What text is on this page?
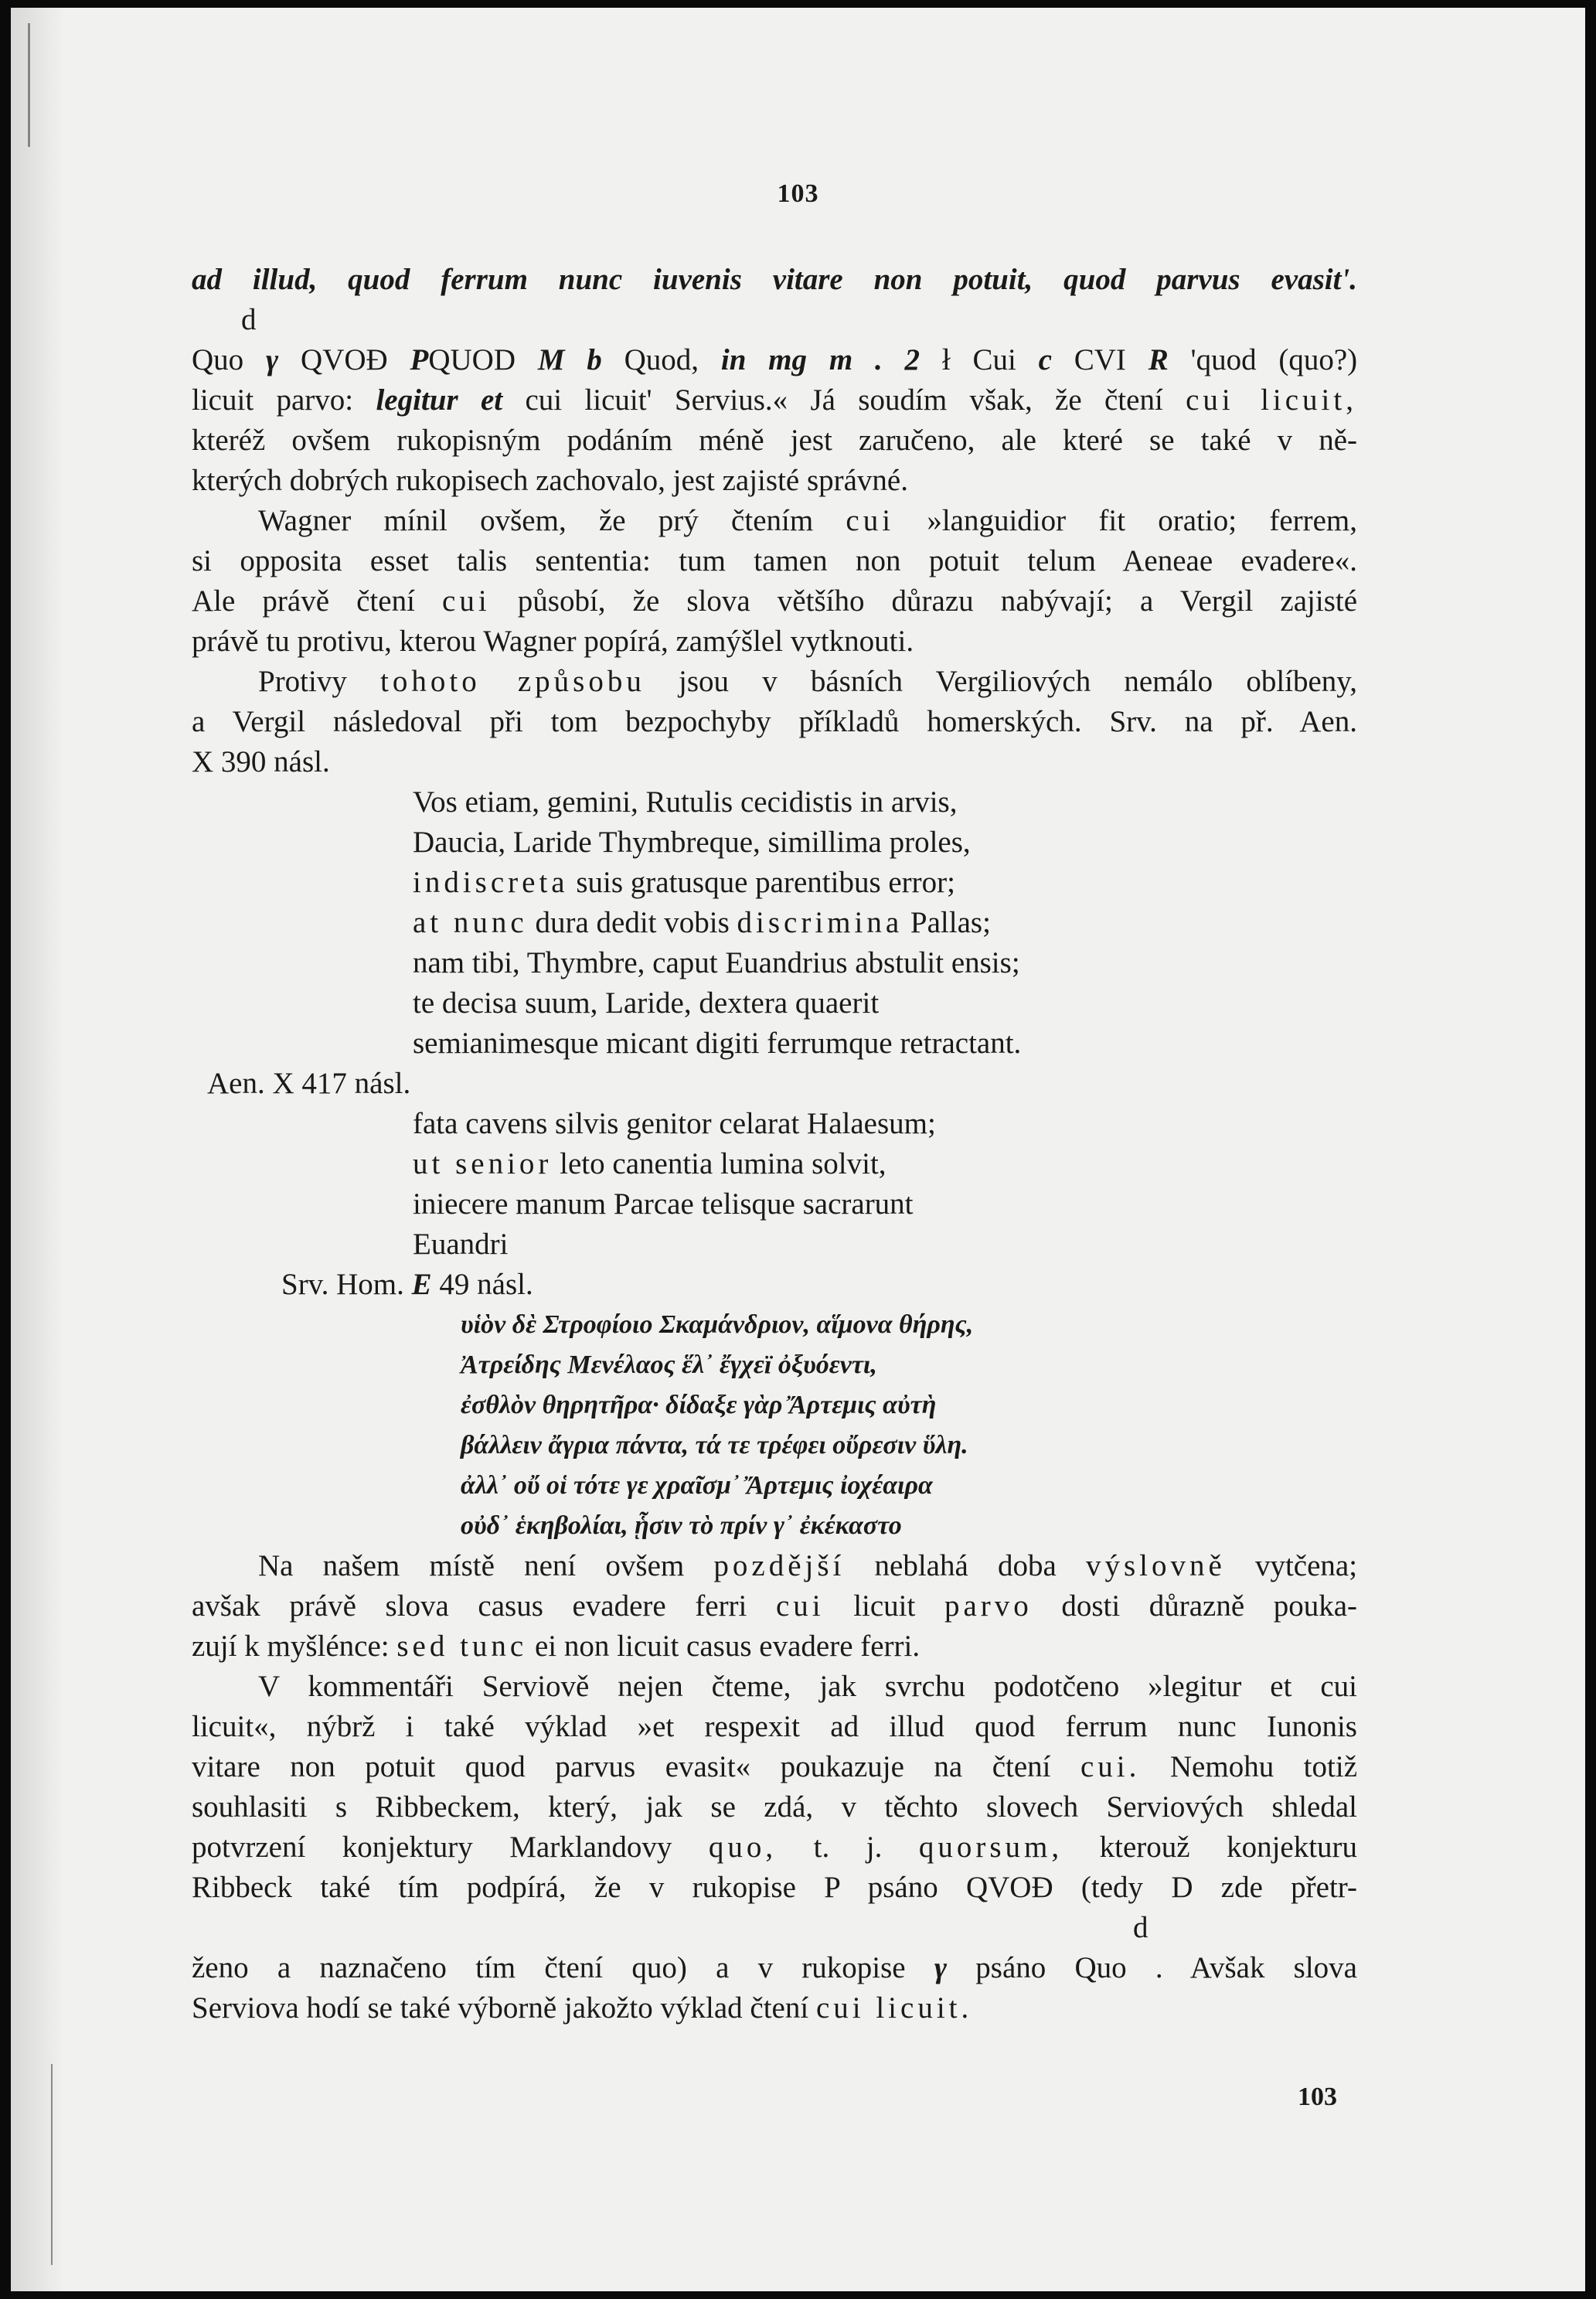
103
ad illud, quod ferrum nunc iuvenis vitare non potuit, quod parvus evasit'.
d
Quo γ QVOÐ PQUOD M b Quod, in mg m . 2 ł Cui c CVI R 'quod (quo?)
licuit parvo: legitur et cui licuit' Servius.« Já soudím však, že čtení cui licuit,
kteréž ovšem rukopisným podáním méně jest zaručeno, ale které se také v ně-
kterých dobrých rukopisech zachovalo, jest zajisté správné.
Wagner mínil ovšem, že prý čtením cui »languidior fit oratio; ferrem,
si opposita esset talis sententia: tum tamen non potuit telum Aeneae evadere«.
Ale právě čtení cui působí, že slova většího důrazu nabývají; a Vergil zajisté
právě tu protivu, kterou Wagner popírá, zamýšlel vytknouti.
Protivy tohoto způsobu jsou v básních Vergiliových nemálo oblíbeny,
a Vergil následoval při tom bezpochyby příkladů homerských. Srv. na př. Aen.
X 390 násl.
Vos etiam, gemini, Rutulis cecidistis in arvis,
Daucia, Laride Thymbreque, simillima proles,
indiscreta suis gratusque parentibus error;
at nunc dura dedit vobis discrimina Pallas;
nam tibi, Thymbre, caput Euandrius abstulit ensis;
te decisa suum, Laride, dextera quaerit
semianimesque micant digiti ferrumque retractant.
Aen. X 417 násl.
fata cavens silvis genitor celarat Halaesum;
ut senior leto canentia lumina solvit,
iniecere manum Parcae telisque sacrarunt
Euandri
Srv. Hom. E 49 násl.
υἱὸν δὲ Στροφίοιο Σκαμάνδριον, αἵμονα θήρης,
Ἀτρείδης Μενέλαος ἕλ᾽ ἔγχεϊ ὀξυόεντι,
ἐσθλὸν θηρητῆρα· δίδαξε γὰρ Ἄρτεμις αὐτὴ
βάλλειν ἄγρια πάντα, τά τε τρέφει οὔρεσιν ὕλη.
ἀλλ᾽ οὔ οἱ τότε γε χραῖσμ᾽ Ἄρτεμις ἰοχέαιρα
οὐδ᾽ ἑκηβολίαι, ᾗσιν τὸ πρίν γ᾽ ἐκέκαστο
Na našem místě není ovšem pozdější neblahá doba výslovně vytčena;
avšak právě slova casus evadere ferri cui licuit parvo dosti důrazně pouka-
zují k myšlénce: sed tunc ei non licuit casus evadere ferri.
V kommentáři Serviově nejen čteme, jak svrchu podotčeno »legitur et cui
licuit«, nýbrž i také výklad »et respexit ad illud quod ferrum nunc Iunonis
vitare non potuit quod parvus evasit« poukazuje na čtení cui. Nemohu totiž
souhlasiti s Ribbeckem, který, jak se zdá, v těchto slovech Serviových shledal
potvrzení konjektury Marklandovy quo, t. j. quorsum, kterouž konjekturu
Ribbeck také tím podpírá, že v rukopise P psáno QVOÐ (tedy D zde přetr-
d
ženo a naznačeno tím čtení quo) a v rukopise γ psáno Quo . Avšak slova
Serviova hodí se také výborně jakožto výklad čtení cui licuit.
103
